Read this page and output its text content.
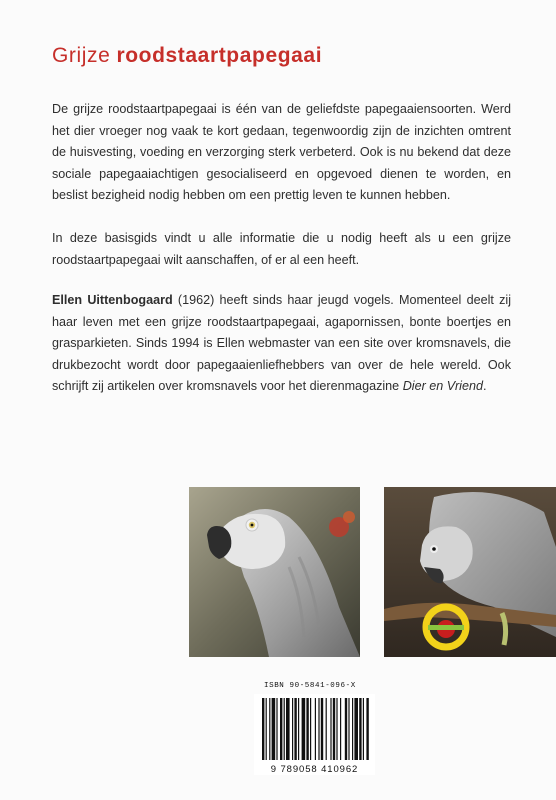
Grijze roodstaartpapegaai

De grijze roodstaartpapegaai is één van de geliefdste papegaaiensoorten. Werd het dier vroeger nog vaak te kort gedaan, tegenwoordig zijn de inzichten omtrent de huisvesting, voeding en verzorging sterk verbeterd. Ook is nu bekend dat deze sociale papegaaiachtigen gesocialiseerd en opgevoed dienen te worden, en beslist bezigheid nodig hebben om een prettig leven te kunnen hebben.

In deze basisgids vindt u alle informatie die u nodig heeft als u een grijze roodstaartpapegaai wilt aanschaffen, of er al een heeft.

Ellen Uittenbogaard (1962) heeft sinds haar jeugd vogels. Momenteel deelt zij haar leven met een grijze roodstaartpapegaai, agapornissen, bonte boertjes en grasparkieten. Sinds 1994 is Ellen webmaster van een site over kromsnavels, die drukbezocht wordt door papegaaienliefhebbers van over de hele wereld. Ook schrijft zij artikelen over kromsnavels voor het dierenmagazine Dier en Vriend.

ISBN 90-5841-096-X
9 789058 410962
